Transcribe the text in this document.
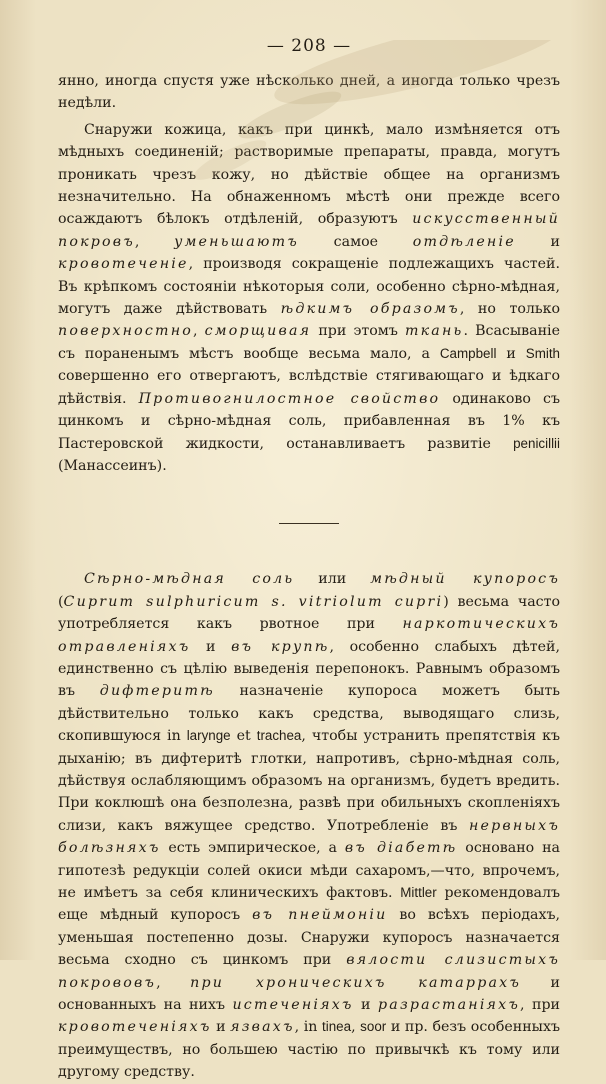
— 208 —

янно, иногда спустя уже нѣсколько дней, а иногда только чрезъ недѣли.

Снаружи кожица, какъ при цинкѣ, мало измѣняется отъ мѣдныхъ соединеній; растворимые препараты, правда, могутъ проникать чрезъ кожу, но дѣйствіе общее на организмъ незначительно. На обнаженномъ мѣстѣ они прежде всего осаждаютъ бѣлокъ отдѣленій, образуютъ искусственный покровъ, уменьшаютъ самое отдѣленіе и кровотеченіе, производя сокращеніе подлежащихъ частей. Въ крѣпкомъ состояніи нѣкоторыя соли, особенно сѣрно-мѣдная, могутъ даже дѣйствовать ѣдкимъ образомъ, но только поверхностно, сморщивая при этомъ ткань. Всасываніе съ пораненымъ мѣстъ вообще весьма мало, а Campbell и Smith совершенно его отвергаютъ, вслѣдствіе стягивающаго и ѣдкаго дѣйствія. Противогнилостное свойство одинаково съ цинкомъ и сѣрно-мѣдная соль, прибавленная въ 1% къ Пастеровской жидкости, останавливаетъ развитіе penicillii (Манассеинъ).

Сѣрно-мѣдная соль или мѣдный купоросъ (Cuprum sulphuricum s. vitriolum cupri) весьма часто употребляется какъ рвотное при наркотическихъ отравленіяхъ и въ крупѣ, особенно слабыхъ дѣтей, единственно съ цѣлію выведенія перепонокъ. Равнымъ образомъ въ дифтеритѣ назначеніе купороса можетъ быть дѣйствительно только какъ средства, выводящаго слизь, скопившуюся in larynge et trachea, чтобы устранить препятствія къ дыханію; въ дифтеритѣ глотки, напротивъ, сѣрно-мѣдная соль, дѣйствуя ослабляющимъ образомъ на организмъ, будетъ вредить. При коклюшѣ она безполезна, развѣ при обильныхъ скопленіяхъ слизи, какъ вяжущее средство. Употребленіе въ нервныхъ болѣзняхъ есть эмпирическое, а въ діабетѣ основано на гипотезѣ редукціи солей окиси мѣди сахаромъ,—что, впрочемъ, не имѣетъ за себя клиническихъ фактовъ. Mittler рекомендовалъ еще мѣдный купоросъ въ пнеймоніи во всѣхъ періодахъ, уменьшая постепенно дозы. Снаружи купоросъ назначается весьма сходно съ цинкомъ при вялости слизистыхъ покрововъ, при хроническихъ катаррахъ и основанныхъ на нихъ истеченіяхъ и разрастаніяхъ, при кровотеченіяхъ и язвахъ, in tinea, soor и пр. безъ особенныхъ преимуществъ, но большею частію по привычкѣ къ тому или другому средству.
